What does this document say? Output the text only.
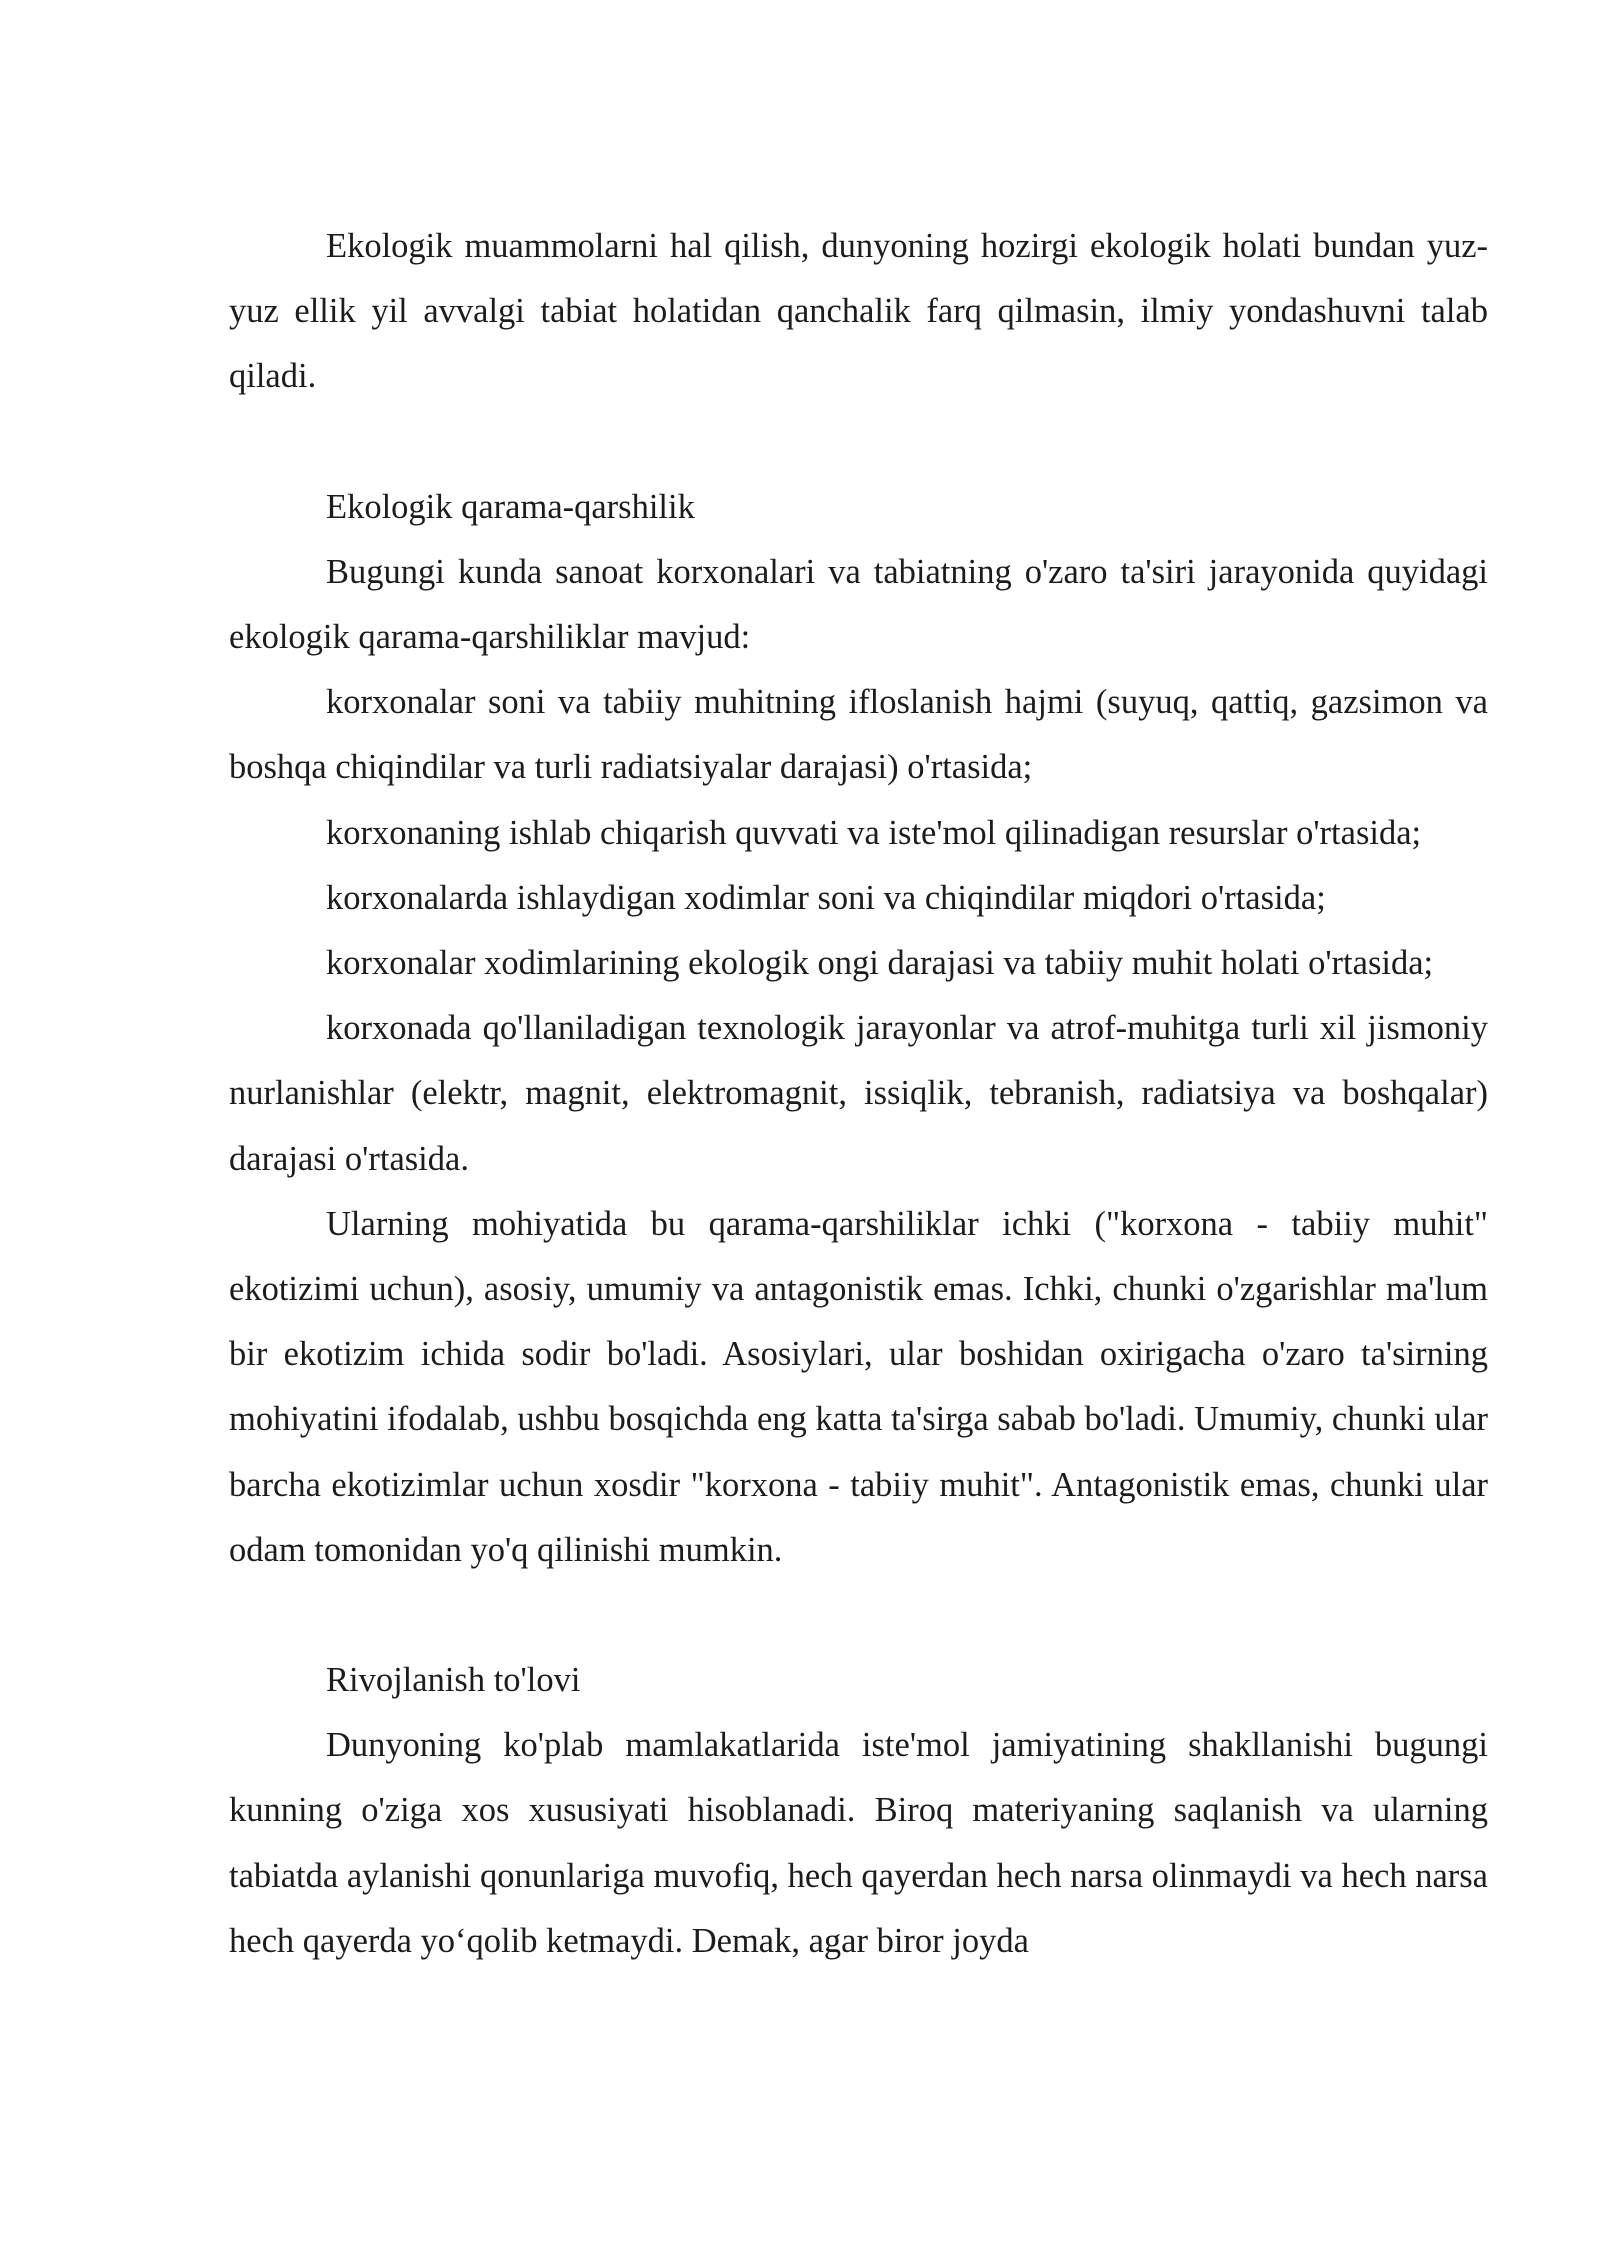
Ekologik muammolarni hal qilish, dunyoning hozirgi ekologik holati bundan yuz-yuz ellik yil avvalgi tabiat holatidan qanchalik farq qilmasin, ilmiy yondashuvni talab qiladi.

Ekologik qarama-qarshilik

Bugungi kunda sanoat korxonalari va tabiatning o'zaro ta'siri jarayonida quyidagi ekologik qarama-qarshiliklar mavjud:

korxonalar soni va tabiiy muhitning ifloslanish hajmi (suyuq, qattiq, gazsimon va boshqa chiqindilar va turli radiatsiyalar darajasi) o'rtasida;

korxonaning ishlab chiqarish quvvati va iste'mol qilinadigan resurslar o'rtasida;

korxonalarda ishlaydigan xodimlar soni va chiqindilar miqdori o'rtasida;

korxonalar xodimlarining ekologik ongi darajasi va tabiiy muhit holati o'rtasida;

korxonada qo'llaniladigan texnologik jarayonlar va atrof-muhitga turli xil jismoniy nurlanishlar (elektr, magnit, elektromagnit, issiqlik, tebranish, radiatsiya va boshqalar) darajasi o'rtasida.

Ularning mohiyatida bu qarama-qarshiliklar ichki ("korxona - tabiiy muhit" ekotizimi uchun), asosiy, umumiy va antagonistik emas. Ichki, chunki o'zgarishlar ma'lum bir ekotizim ichida sodir bo'ladi. Asosiylari, ular boshidan oxirigacha o'zaro ta'sirning mohiyatini ifodalab, ushbu bosqichda eng katta ta'sirga sabab bo'ladi. Umumiy, chunki ular barcha ekotizimlar uchun xosdir "korxona - tabiiy muhit". Antagonistik emas, chunki ular odam tomonidan yo'q qilinishi mumkin.

Rivojlanish to'lovi

Dunyoning ko'plab mamlakatlarida iste'mol jamiyatining shakllanishi bugungi kunning o'ziga xos xususiyati hisoblanadi. Biroq materiyaning saqlanish va ularning tabiatda aylanishi qonunlariga muvofiq, hech qayerdan hech narsa olinmaydi va hech narsa hech qayerda yo‘qolib ketmaydi. Demak, agar biror joyda
